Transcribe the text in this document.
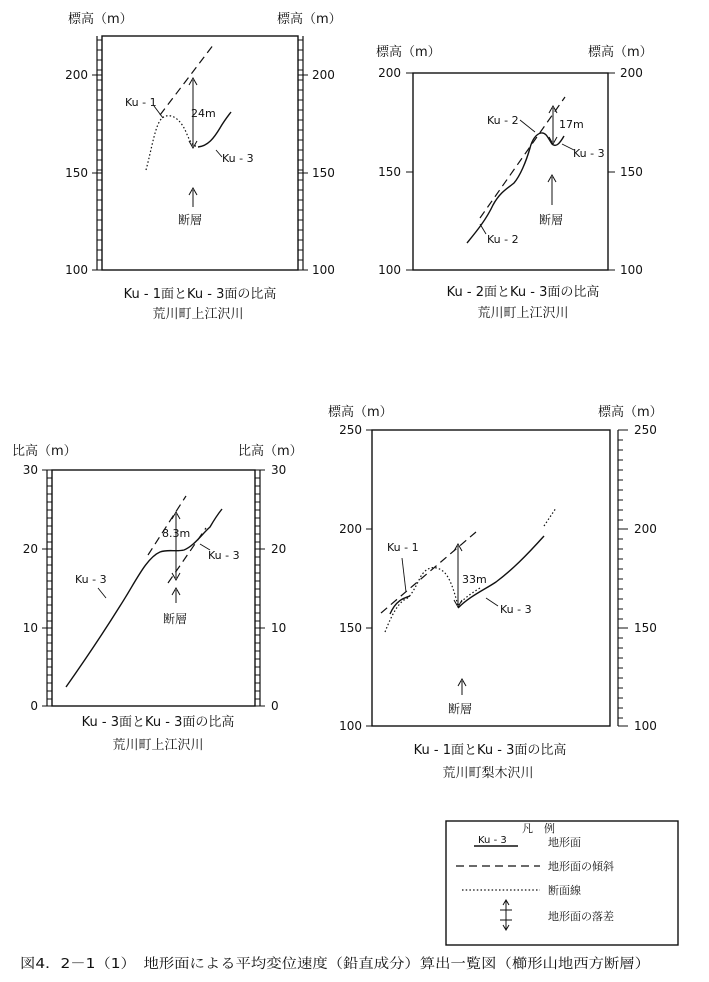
標高（m）	標高（m）
200
150
100
200
150
100
Ku - 1
Ku - 3
24m
断層
Ku - 1面とKu - 3面の比高
荒川町上江沢川
標高（m）	標高（m）
200
150
100
200
150
100
Ku - 2
Ku - 3
Ku - 2
17m
断層
Ku - 2面とKu - 3面の比高
荒川町上江沢川
比高（m）	比高（m）
30
20
10
0
30
20
10
0
Ku - 3
Ku - 3
8.3m
断層
Ku - 3面とKu - 3面の比高
荒川町上江沢川
標高（m）	標高（m）
250
200
150
100
250
200
150
100
Ku - 1
Ku - 3
33m
断層
Ku - 1面とKu - 3面の比高
荒川町梨木沢川
凡　例
Ku - 3	地形面
地形面の傾斜
断面線
地形面の落差
図4．2－1（1）　地形面による平均変位速度（鉛直成分）算出一覧図（櫛形山地西方断層）
